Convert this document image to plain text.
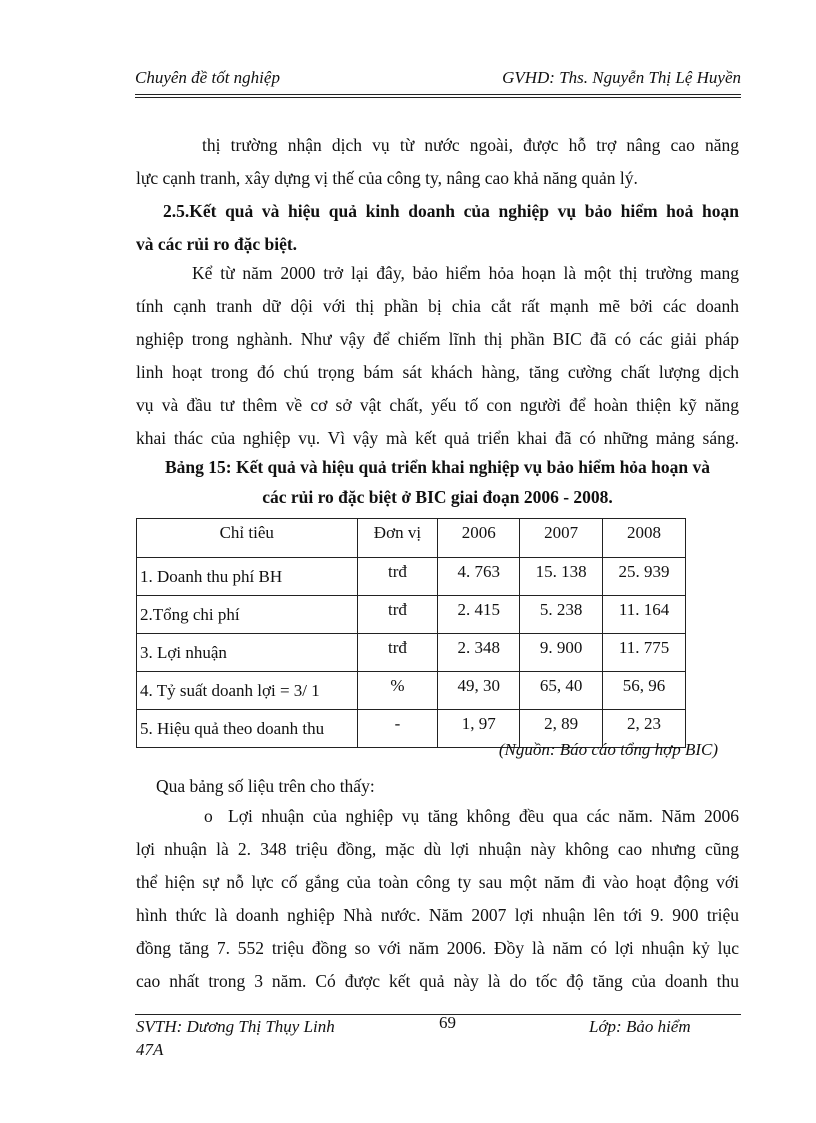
Chuyên đề tốt nghiệp	GVHD: Ths. Nguyễn Thị Lệ Huyền
thị trường nhận dịch vụ từ nước ngoài, được hỗ trợ nâng cao năng
lực cạnh tranh, xây dựng vị thế của công ty, nâng cao khả năng quản lý.
2.5.Kết quả và hiệu quả kinh doanh của nghiệp vụ bảo hiểm hoả hoạn
và các rủi ro đặc biệt.
Kể từ năm 2000 trở lại đây, bảo hiểm hỏa hoạn là một thị trường mang
tính cạnh tranh dữ dội với thị phần bị chia cắt rất mạnh mẽ bởi các doanh
nghiệp trong nghành. Như vậy để chiếm lĩnh thị phần BIC đã có các giải pháp
linh hoạt trong đó chú trọng bám sát khách hàng, tăng cường chất lượng dịch
vụ và đầu tư thêm về cơ sở vật chất, yếu tố con người để hoàn thiện kỹ năng
khai thác của nghiệp vụ. Vì vậy mà kết quả triển khai đã có những mảng sáng.
Bảng 15: Kết quả và hiệu quả triển khai nghiệp vụ bảo hiểm hỏa hoạn và
các rủi ro đặc biệt ở BIC giai đoạn 2006 - 2008.
Chỉ tiêu	Đơn vị	2006	2007	2008
1. Doanh thu phí BH	trđ	4. 763	15. 138	25. 939
2.Tổng chi phí	trđ	2. 415	5. 238	11. 164
3. Lợi nhuận	trđ	2. 348	9. 900	11. 775
4. Tỷ suất doanh lợi = 3/ 1	%	49, 30	65, 40	56, 96
5. Hiệu quả theo doanh thu	-	1, 97	2, 89	2, 23
(Nguồn: Báo cáo tổng hợp BIC)
Qua bảng số liệu trên cho thấy:
o Lợi nhuận của nghiệp vụ tăng không đều qua các năm. Năm 2006
lợi nhuận là 2. 348 triệu đồng, mặc dù lợi nhuận này không cao nhưng cũng
thể hiện sự nỗ lực cố gắng của toàn công ty sau một năm đi vào hoạt động với
hình thức là doanh nghiệp Nhà nước. Năm 2007 lợi nhuận lên tới 9. 900 triệu
đồng tăng 7. 552 triệu đồng so với năm 2006. Đồy là năm có lợi nhuận kỷ lục
cao nhất trong 3 năm. Có được kết quả này là do tốc độ tăng của doanh thu
SVTH: Dương Thị Thụy Linh
47A
69	Lớp: Bảo hiểm
